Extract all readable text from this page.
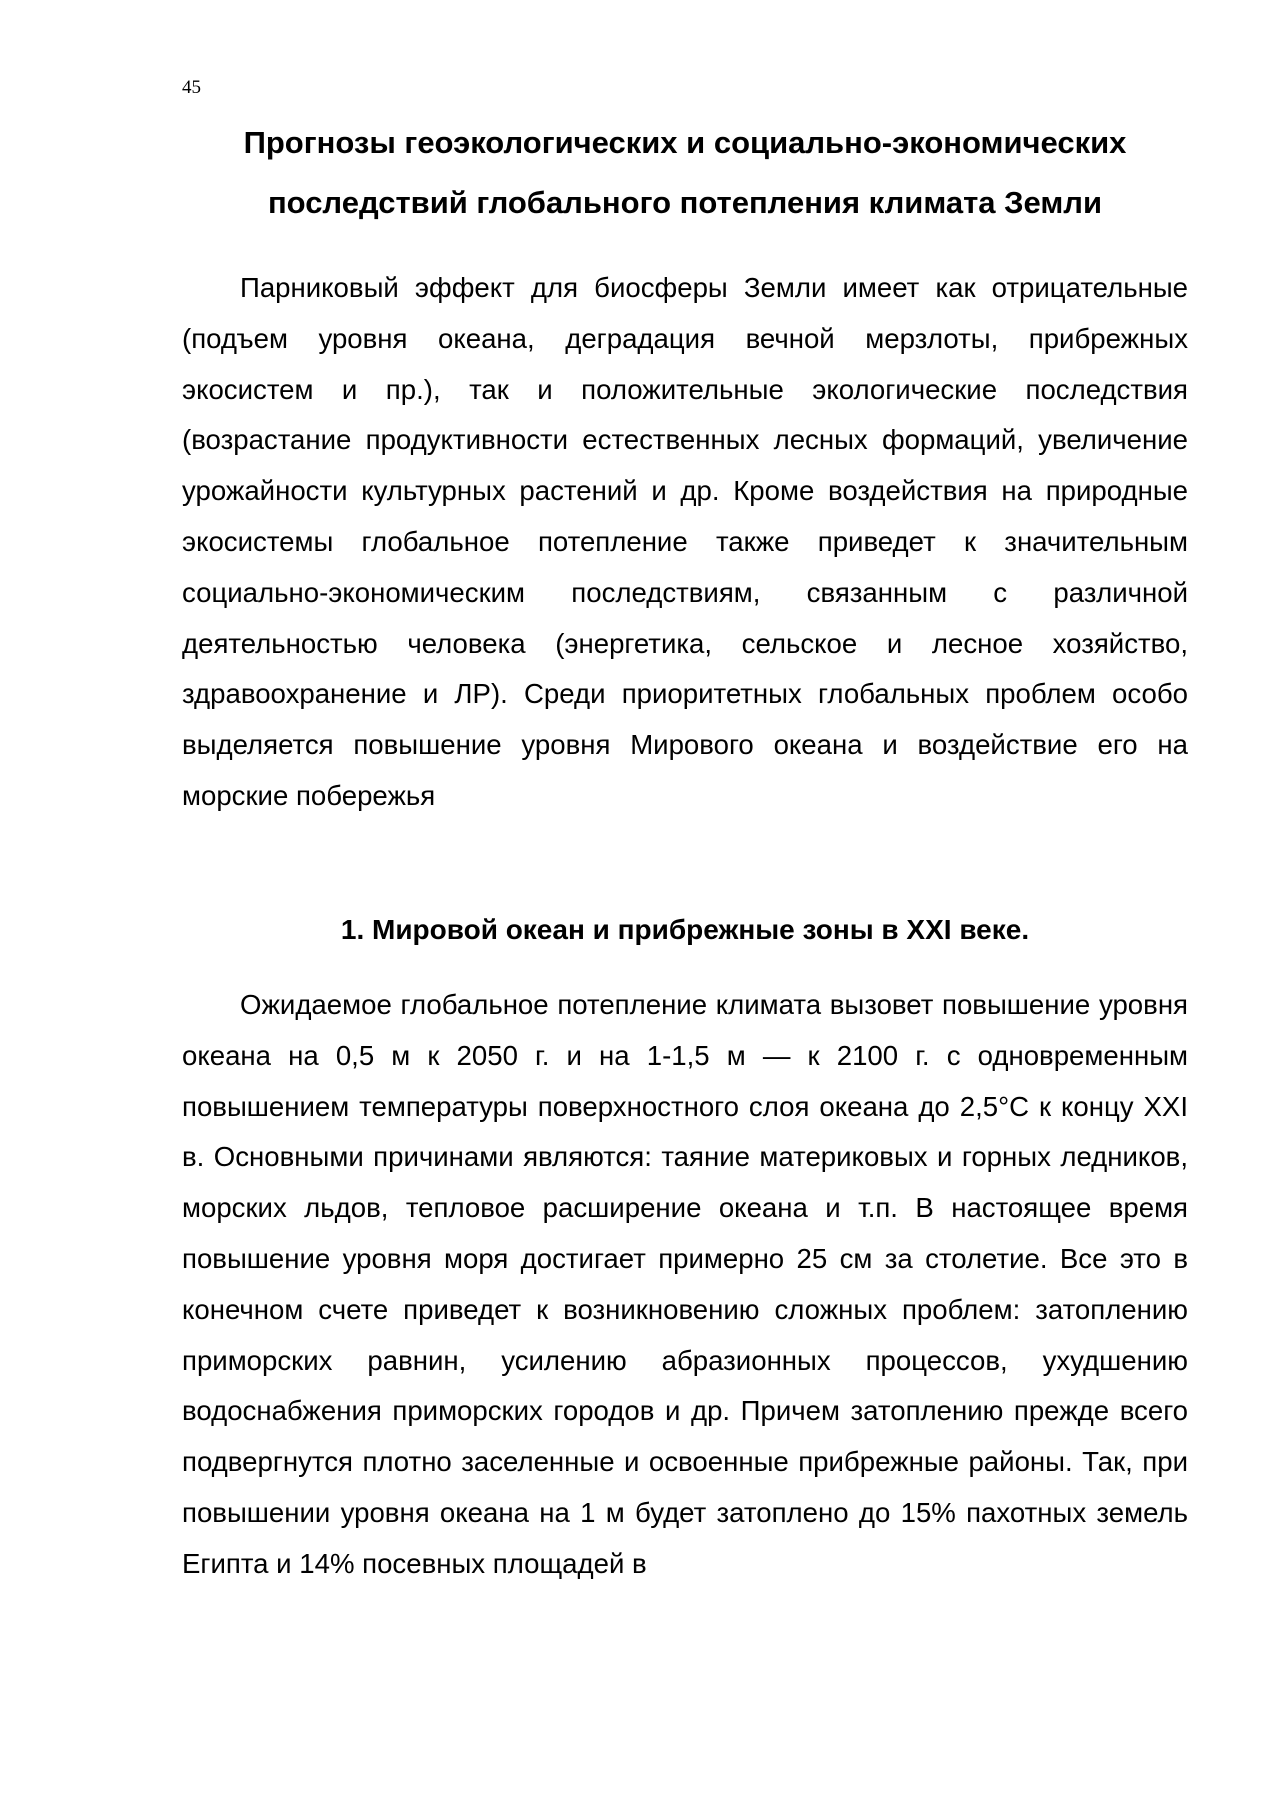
45
Прогнозы геоэкологических и социально-экономических последствий глобального потепления климата Земли

Парниковый эффект для биосферы Земли имеет как отрицательные (подъем уровня океана, деградация вечной мерзлоты, прибрежных экосистем и пр.), так и положительные экологические последствия (возрастание продуктивности естественных лесных формаций, увеличение урожайности культурных растений и др. Кроме воздействия на природные экосистемы глобальное потепление также приведет к значительным социально-экономическим последствиям, связанным с различной деятельностью человека (энергетика, сельское и лесное хозяйство, здравоохранение и ЛР). Среди приоритетных глобальных проблем особо выделяется повышение уровня Мирового океана и воздействие его на морские побережья

1. Мировой океан и прибрежные зоны в XXI веке.

Ожидаемое глобальное потепление климата вызовет повышение уровня океана на 0,5 м к 2050 г. и на 1-1,5 м — к 2100 г. с одновременным повышением температуры поверхностного слоя океана до 2,5°С к концу XXI в. Основными причинами являются: таяние материковых и горных ледников, морских льдов, тепловое расширение океана и т.п. В настоящее время повышение уровня моря достигает примерно 25 см за столетие. Все это в конечном счете приведет к возникновению сложных проблем: затоплению приморских равнин, усилению абразионных процессов, ухудшению водоснабжения приморских городов и др. Причем затоплению прежде всего подвергнутся плотно заселенные и освоенные прибрежные районы. Так, при повышении уровня океана на 1 м будет затоплено до 15% пахотных земель Египта и 14% посевных площадей в
